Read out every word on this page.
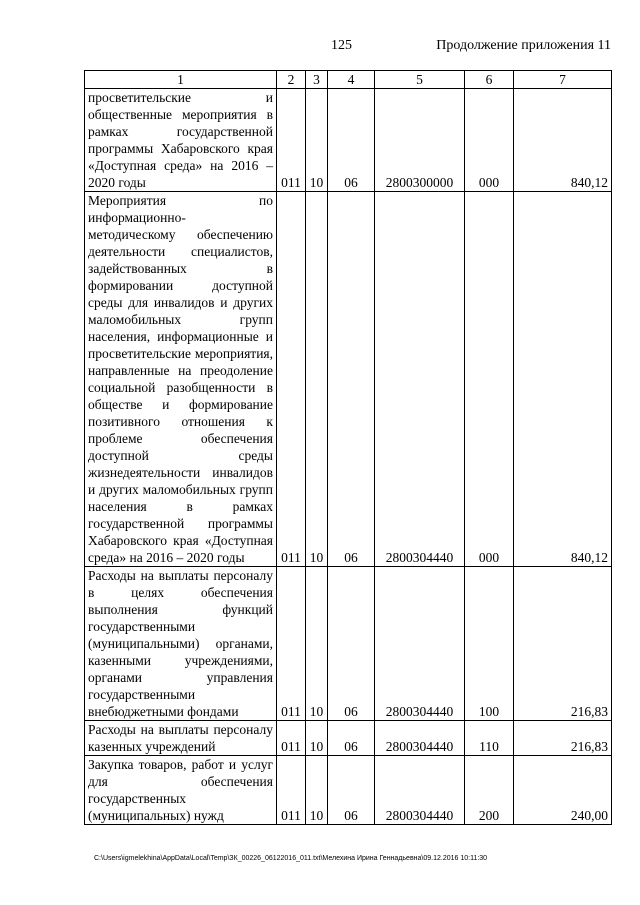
125	Продолжение приложения 11
1	2	3	4	5	6	7

просветительские и общественные мероприятия в рамках государственной программы Хабаровского края «Доступная среда» на 2016 – 2020 годы	011	10	06	2800300000	000	840,12

Мероприятия по информационно-методическому обеспечению деятельности специалистов, задействованных в формировании доступной среды для инвалидов и других маломобильных групп населения, информационные и просветительские мероприятия, направленные на преодоление социальной разобщенности в обществе и формирование позитивного отношения к проблеме обеспечения доступной среды жизнедеятельности инвалидов и других маломобильных групп населения в рамках государственной программы Хабаровского края «Доступная среда» на 2016 – 2020 годы	011	10	06	2800304440	000	840,12

Расходы на выплаты персоналу в целях обеспечения выполнения функций государственными (муниципальными) органами, казенными учреждениями, органами управления государственными внебюджетными фондами	011	10	06	2800304440	100	216,83

Расходы на выплаты персоналу казенных учреждений	011	10	06	2800304440	110	216,83

Закупка товаров, работ и услуг для обеспечения государственных (муниципальных) нужд	011	10	06	2800304440	200	240,00
C:\Users\igmelekhina\AppData\Local\Temp\ЗК_00226_06122016_011.txt\Мелехина Ирина Геннадьевна\09.12.2016 10:11:30
